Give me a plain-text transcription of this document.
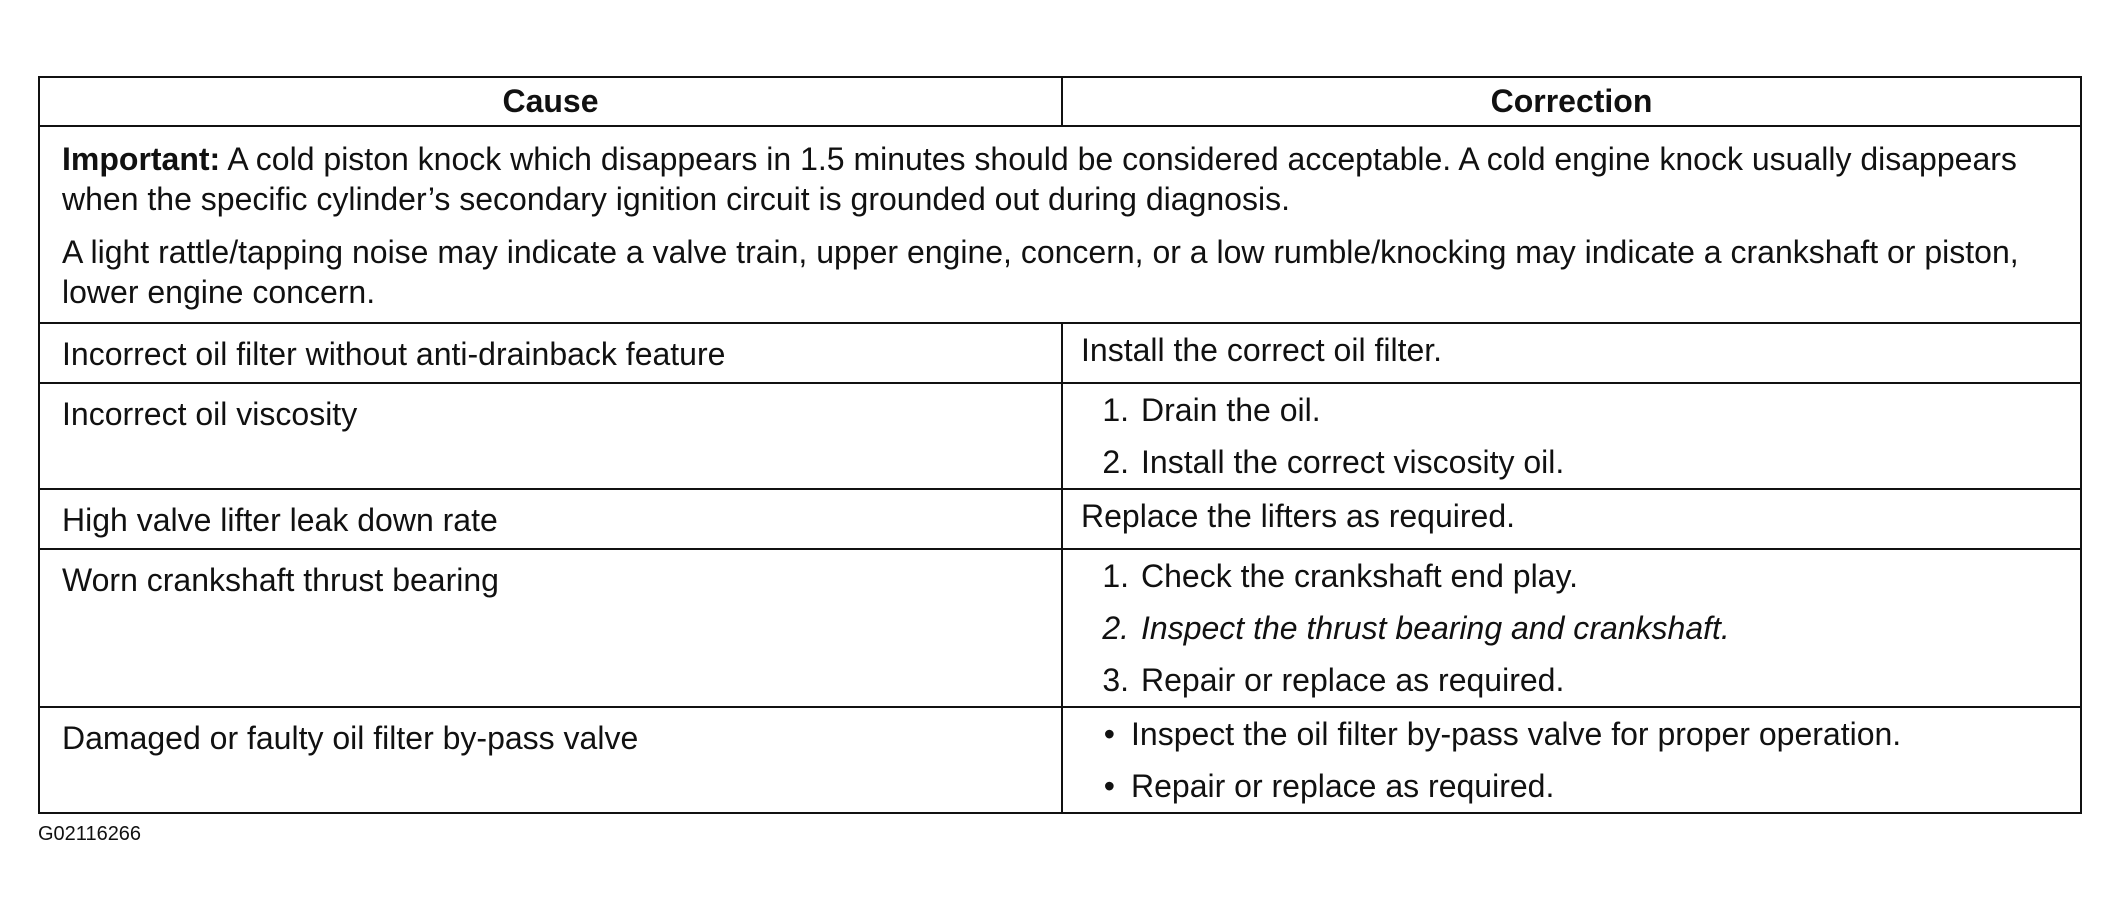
Cause	Correction

Important: A cold piston knock which disappears in 1.5 minutes should be considered acceptable. A cold engine knock usually disappears when the specific cylinder’s secondary ignition circuit is grounded out during diagnosis.

A light rattle/tapping noise may indicate a valve train, upper engine, concern, or a low rumble/knocking may indicate a crankshaft or piston, lower engine concern.	

Incorrect oil filter without anti-drainback feature	Install the correct oil filter.

Incorrect oil viscosity	1. Drain the oil.
2. Install the correct viscosity oil.

High valve lifter leak down rate	Replace the lifters as required.

Worn crankshaft thrust bearing	1. Check the crankshaft end play.
2. Inspect the thrust bearing and crankshaft.
3. Repair or replace as required.

Damaged or faulty oil filter by-pass valve	• Inspect the oil filter by-pass valve for proper operation.
• Repair or replace as required.
G02116266
